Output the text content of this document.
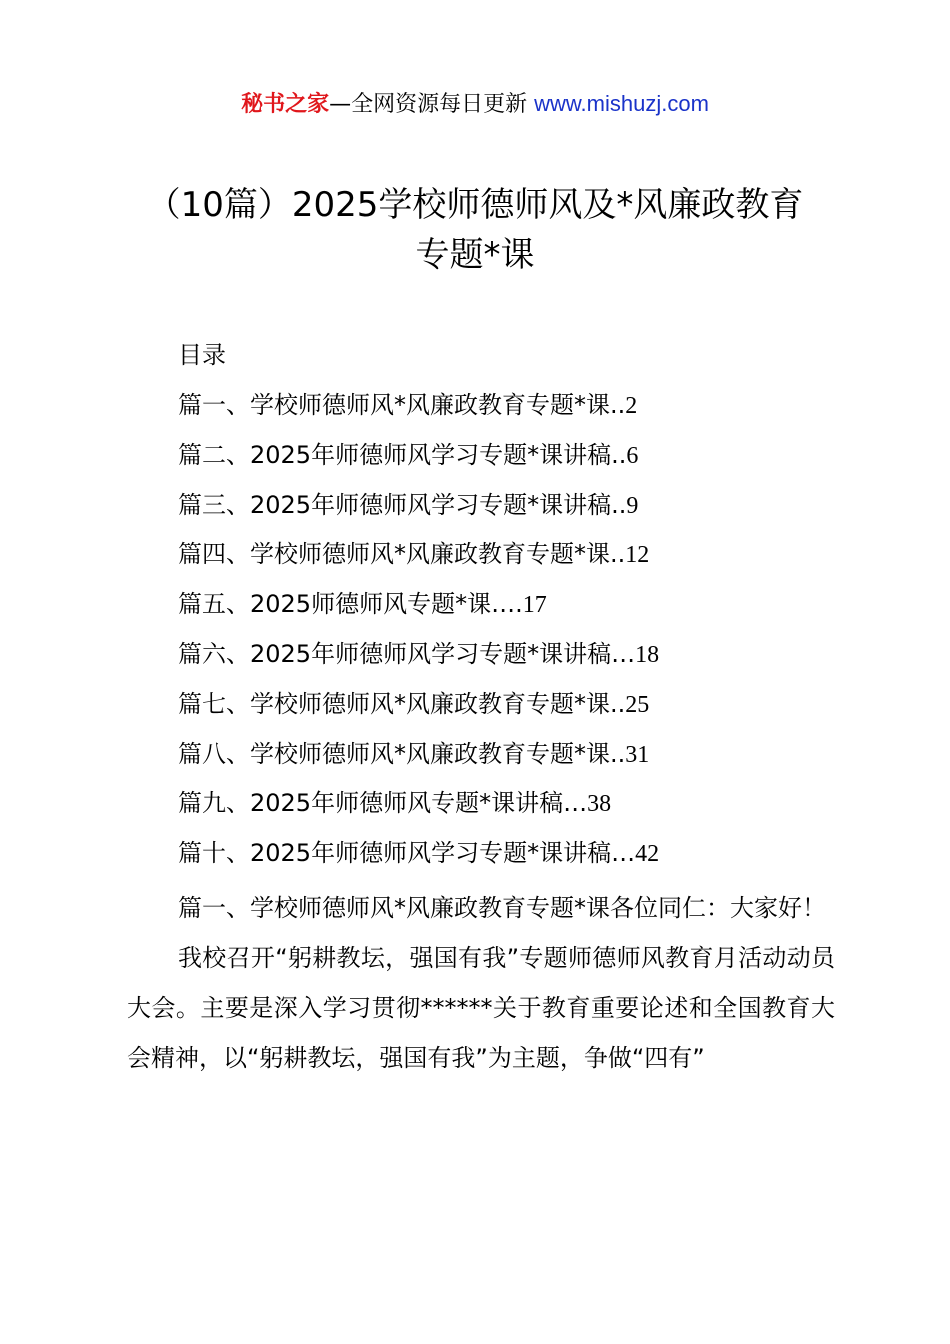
秘书之家—全网资源每日更新 www.mishuzj.com
（10篇）2025学校师德师风及*风廉政教育
专题*课
目录
篇一、学校师德师风*风廉政教育专题*课..2
篇二、2025年师德师风学习专题*课讲稿..6
篇三、2025年师德师风学习专题*课讲稿..9
篇四、学校师德师风*风廉政教育专题*课..12
篇五、2025师德师风专题*课….17
篇六、2025年师德师风学习专题*课讲稿…18
篇七、学校师德师风*风廉政教育专题*课..25
篇八、学校师德师风*风廉政教育专题*课..31
篇九、2025年师德师风专题*课讲稿…38
篇十、2025年师德师风学习专题*课讲稿…42

篇一、学校师德师风*风廉政教育专题*课各位同仁：大家好！

我校召开“躬耕教坛，强国有我”专题师德师风教育月活动动员大会。主要是深入学习贯彻******关于教育重要论述和全国教育大会精神，以“躬耕教坛，强国有我”为主题，争做“四有”
